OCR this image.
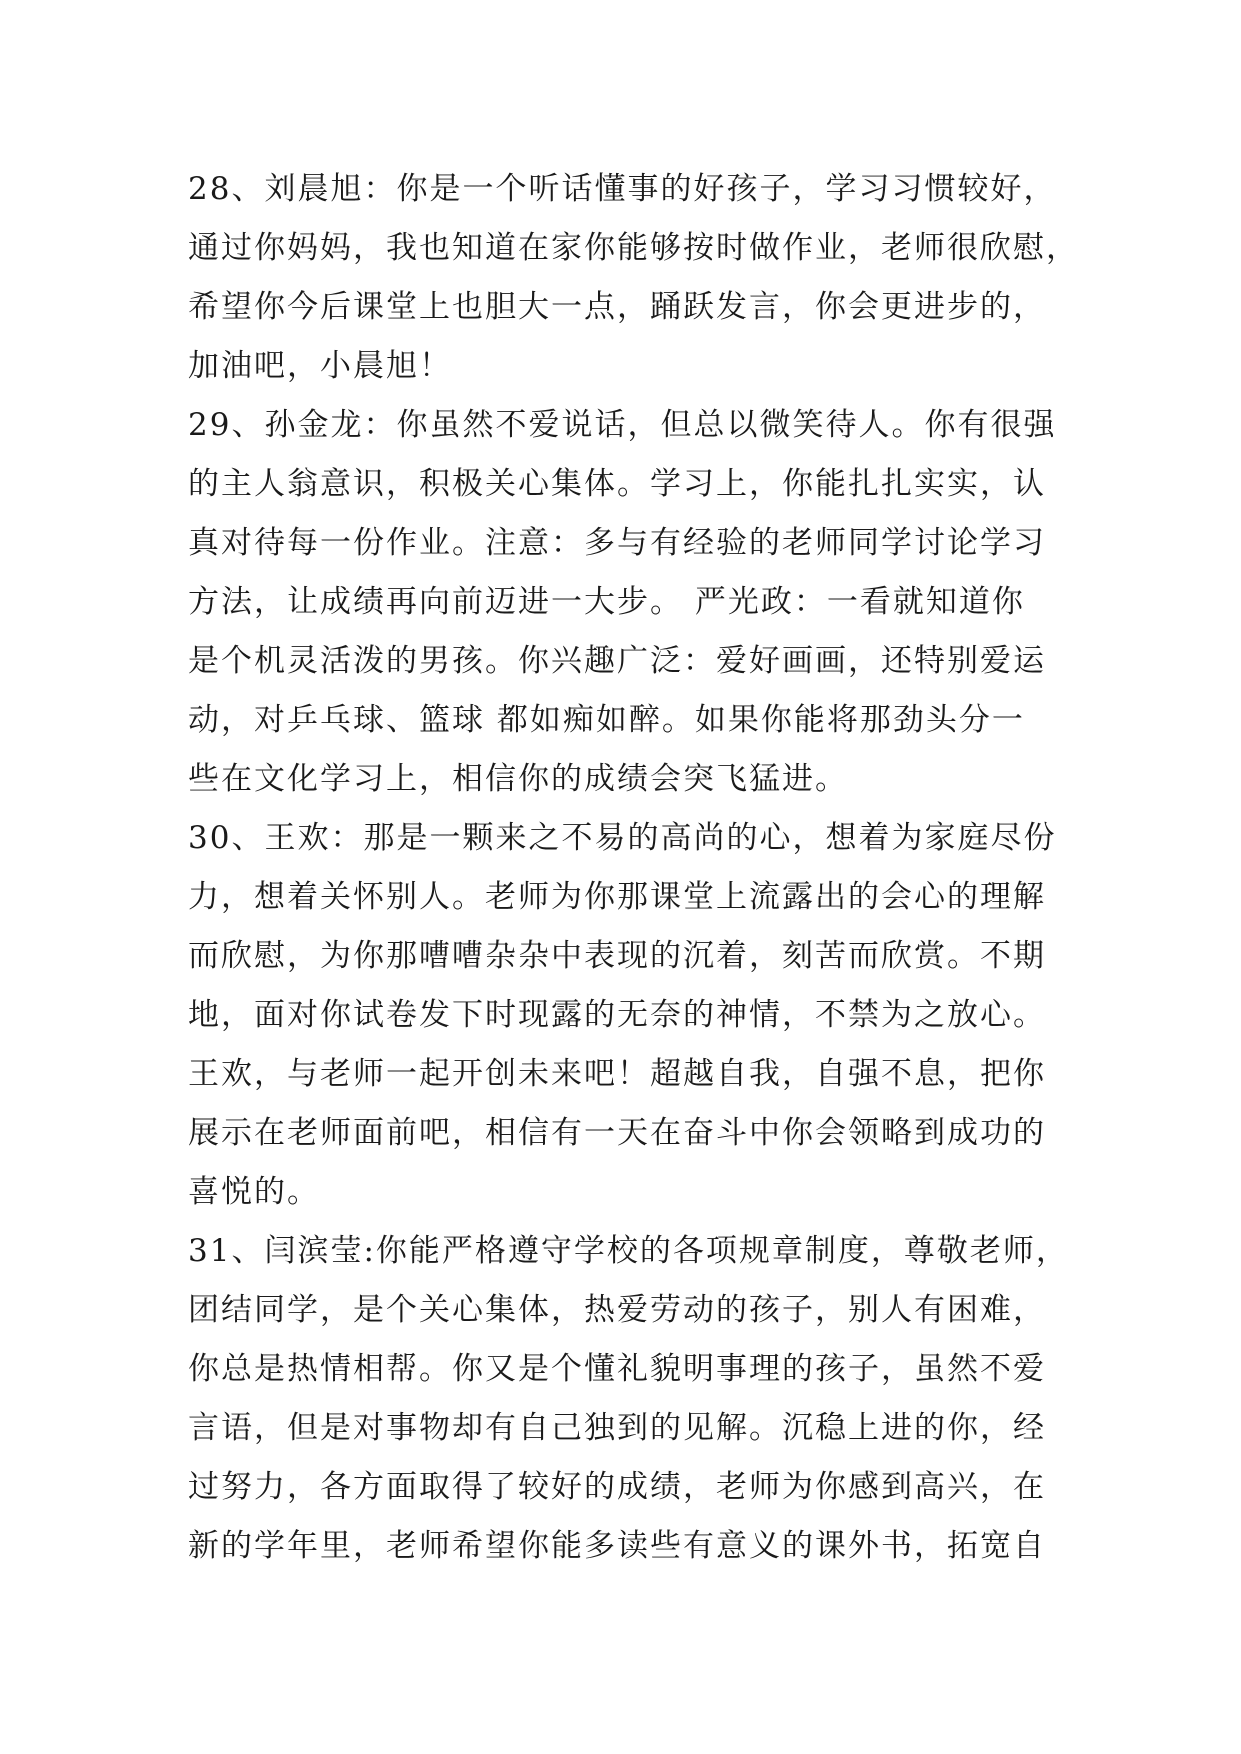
28、刘晨旭：你是一个听话懂事的好孩子，学习习惯较好，
通过你妈妈，我也知道在家你能够按时做作业，老师很欣慰，
希望你今后课堂上也胆大一点，踊跃发言，你会更进步的，
加油吧，小晨旭！
29、孙金龙：你虽然不爱说话，但总以微笑待人。你有很强
的主人翁意识，积极关心集体。学习上，你能扎扎实实，认
真对待每一份作业。注意：多与有经验的老师同学讨论学习
方法，让成绩再向前迈进一大步。 严光政：一看就知道你
是个机灵活泼的男孩。你兴趣广泛：爱好画画，还特别爱运
动，对乒乓球、篮球 都如痴如醉。如果你能将那劲头分一
些在文化学习上，相信你的成绩会突飞猛进。
30、王欢：那是一颗来之不易的高尚的心，想着为家庭尽份
力，想着关怀别人。老师为你那课堂上流露出的会心的理解
而欣慰，为你那嘈嘈杂杂中表现的沉着，刻苦而欣赏。不期
地，面对你试卷发下时现露的无奈的神情，不禁为之放心。
王欢，与老师一起开创未来吧！超越自我，自强不息，把你
展示在老师面前吧，相信有一天在奋斗中你会领略到成功的
喜悦的。
31、闫滨莹:你能严格遵守学校的各项规章制度，尊敬老师，
团结同学，是个关心集体，热爱劳动的孩子，别人有困难，
你总是热情相帮。你又是个懂礼貌明事理的孩子，虽然不爱
言语，但是对事物却有自己独到的见解。沉稳上进的你，经
过努力，各方面取得了较好的成绩，老师为你感到高兴，在
新的学年里，老师希望你能多读些有意义的课外书，拓宽自
